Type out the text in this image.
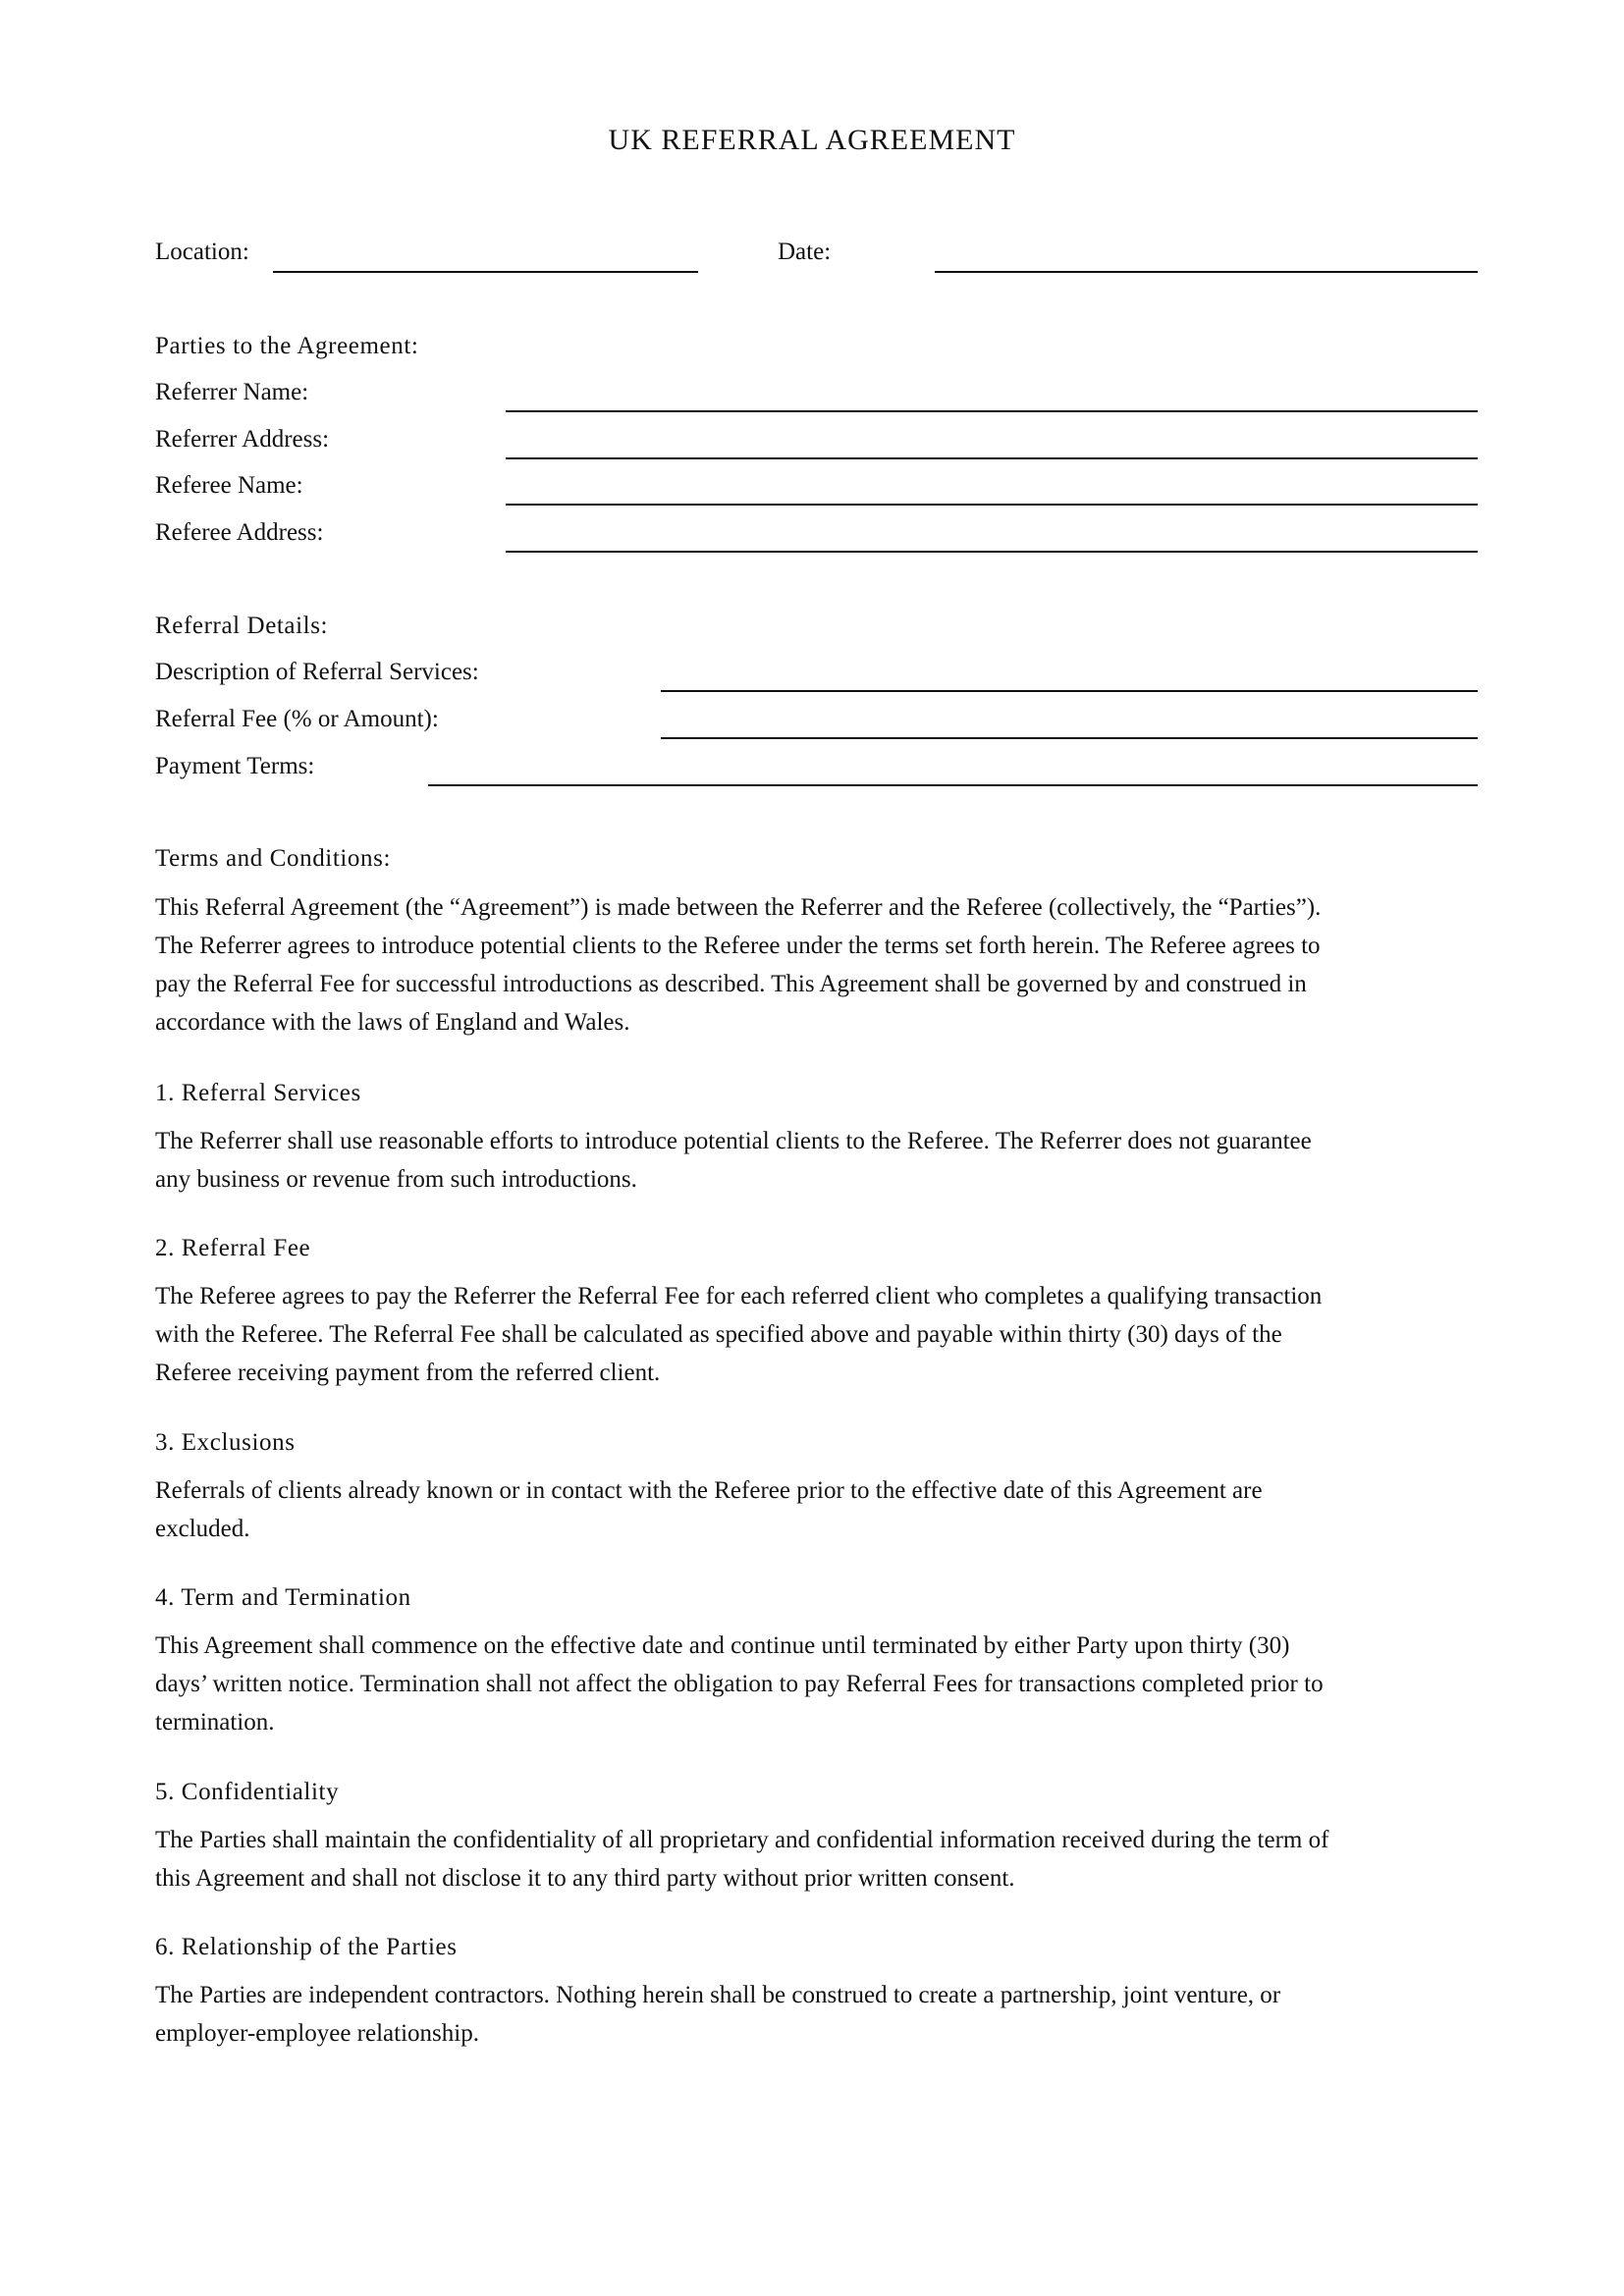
UK REFERRAL AGREEMENT
Location:	Date:
Parties to the Agreement:
Referrer Name:
Referrer Address:
Referee Name:
Referee Address:
Referral Details:
Description of Referral Services:
Referral Fee (% or Amount):
Payment Terms:
Terms and Conditions:
This Referral Agreement (the “Agreement”) is made between the Referrer and the Referee (collectively, the “Parties”).
The Referrer agrees to introduce potential clients to the Referee under the terms set forth herein. The Referee agrees to
pay the Referral Fee for successful introductions as described. This Agreement shall be governed by and construed in
accordance with the laws of England and Wales.
1. Referral Services
The Referrer shall use reasonable efforts to introduce potential clients to the Referee. The Referrer does not guarantee
any business or revenue from such introductions.
2. Referral Fee
The Referee agrees to pay the Referrer the Referral Fee for each referred client who completes a qualifying transaction
with the Referee. The Referral Fee shall be calculated as specified above and payable within thirty (30) days of the
Referee receiving payment from the referred client.
3. Exclusions
Referrals of clients already known or in contact with the Referee prior to the effective date of this Agreement are
excluded.
4. Term and Termination
This Agreement shall commence on the effective date and continue until terminated by either Party upon thirty (30)
days’ written notice. Termination shall not affect the obligation to pay Referral Fees for transactions completed prior to
termination.
5. Confidentiality
The Parties shall maintain the confidentiality of all proprietary and confidential information received during the term of
this Agreement and shall not disclose it to any third party without prior written consent.
6. Relationship of the Parties
The Parties are independent contractors. Nothing herein shall be construed to create a partnership, joint venture, or
employer-employee relationship.
